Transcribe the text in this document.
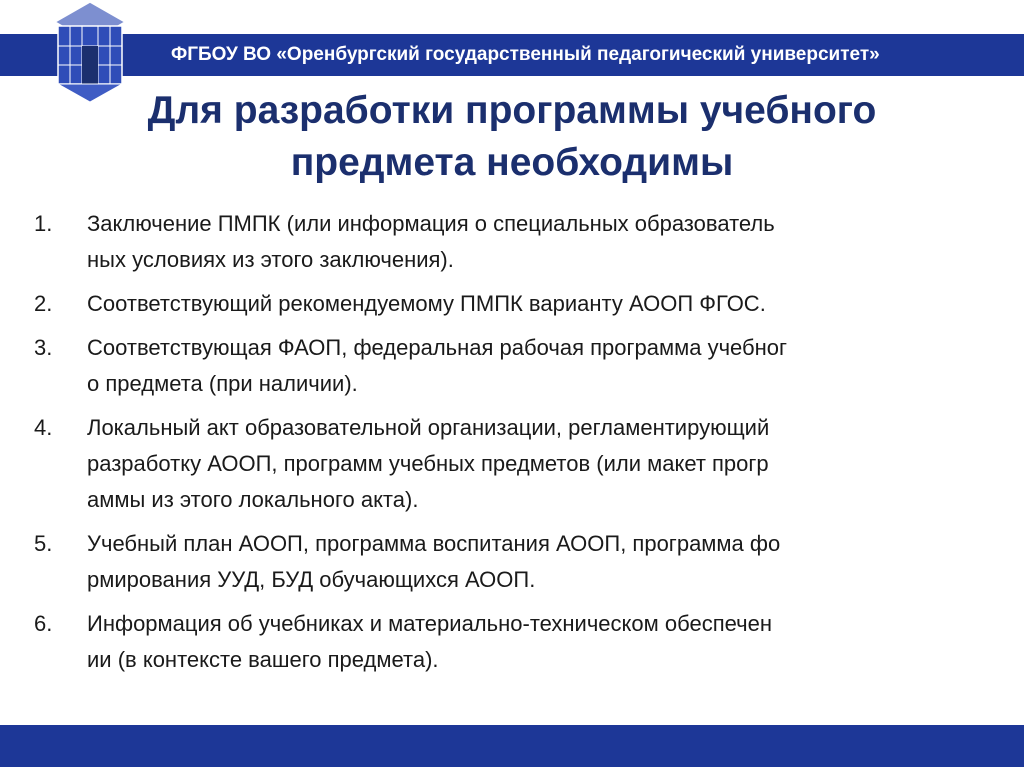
ФГБОУ ВО «Оренбургский государственный педагогический университет»
Для разработки программы учебного
предмета необходимы
1.	Заключение ПМПК (или информация о специальных образователь
ных условиях из этого заключения).
2.	Соответствующий рекомендуемому ПМПК варианту АООП ФГОС.
3.	Соответствующая ФАОП, федеральная рабочая программа учебног
о предмета (при наличии).
4.	Локальный акт образовательной организации, регламентирующий
разработку АООП, программ учебных предметов (или макет прогр
аммы из этого локального акта).
5.	Учебный план АООП, программа воспитания АООП, программа фо
рмирования УУД, БУД обучающихся АООП.
6.	Информация об учебниках и материально-техническом обеспечен
ии (в контексте вашего предмета).
